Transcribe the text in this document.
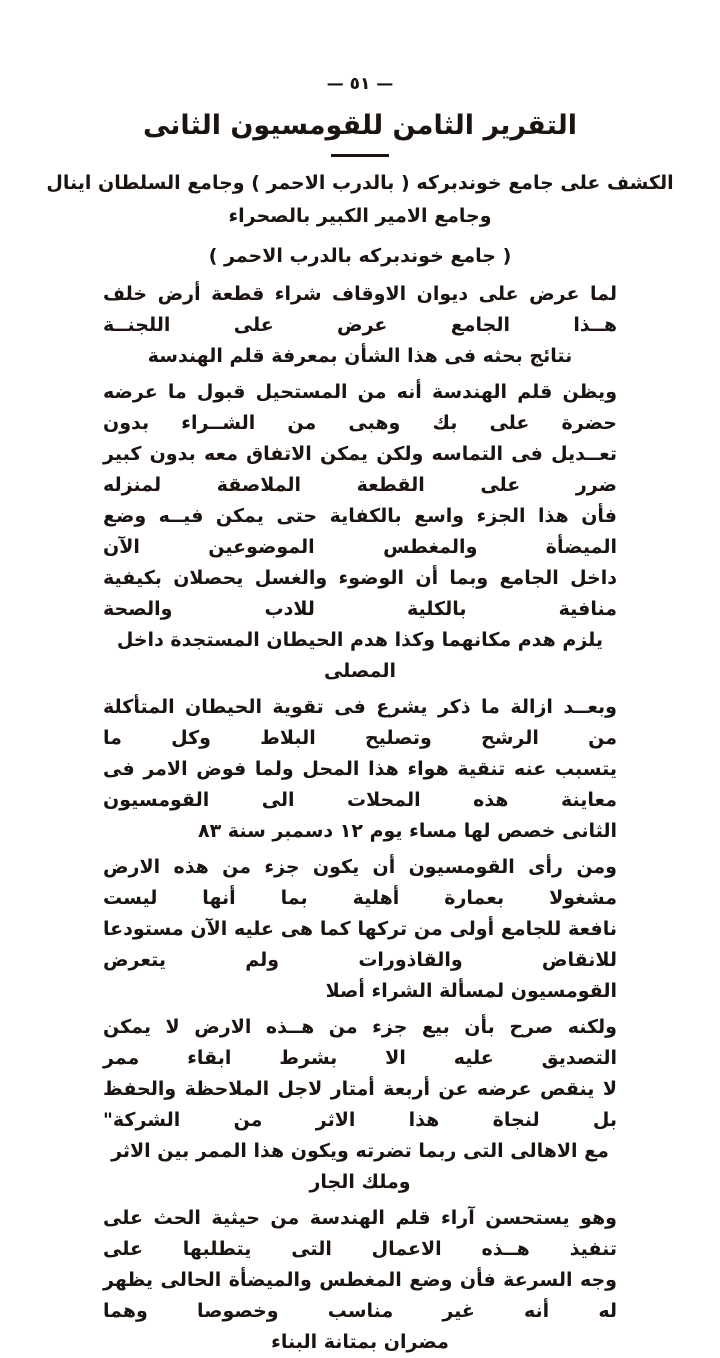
— ٥١ —
التقرير الثامن للقومسيون الثانى
الكشف على جامع خوندبركه ( بالدرب الاحمر ) وجامع السلطان اينال
وجامع الامير الكبير بالصحراء
( جامع خوندبركه بالدرب الاحمر )
لما عرض على ديوان الاوقاف شراء قطعة أرض خلف هــذا الجامع عرض على اللجنــة
نتائج بحثه فى هذا الشأن بمعرفة قلم الهندسة
ويظن قلم الهندسة أنه من المستحيل قبول ما عرضه حضرة على بك وهبى من الشــراء بدون
تعــديل فى التماسه ولكن يمكن الاتفاق معه بدون كبير ضرر على القطعة الملاصقة لمنزله
فأن هذا الجزء واسع بالكفاية حتى يمكن فيــه وضع الميضأة والمغطس الموضوعين الآن
داخل الجامع وبما أن الوضوء والغسل يحصلان بكيفية منافية بالكلية للادب والصحة
يلزم هدم مكانهما وكذا هدم الحيطان المستجدة داخل المصلى
وبعــد ازالة ما ذكر يشرع فى تقوية الحيطان المتأكلة من الرشح وتصليح البلاط وكل ما
يتسبب عنه تنقية هواء هذا المحل ولما فوض الامر فى معاينة هذه المحلات الى القومسيون
الثانى خصص لها مساء يوم ١٢ دسمبر سنة ٨٣
ومن رأى القومسيون أن يكون جزء من هذه الارض مشغولا بعمارة أهلية بما أنها ليست
نافعة للجامع أولى من تركها كما هى عليه الآن مستودعا للانقاض والقاذورات ولم يتعرض
القومسيون لمسألة الشراء أصلا
ولكنه صرح بأن بيع جزء من هــذه الارض لا يمكن التصديق عليه الا بشرط ابقاء ممر
لا ينقص عرضه عن أربعة أمتار لاجل الملاحظة والحفظ بل لنجاة هذا الاثر من الشركة"
مع الاهالى التى ربما تضرته ويكون هذا الممر بين الاثر وملك الجار
وهو يستحسن آراء قلم الهندسة من حيثية الحث على تنفيذ هــذه الاعمال التى يتطلبها على
وجه السرعة فأن وضع المغطس والميضأة الحالى يظهر له أنه غير مناسب وخصوصا وهما
مضران بمتانة البناء
